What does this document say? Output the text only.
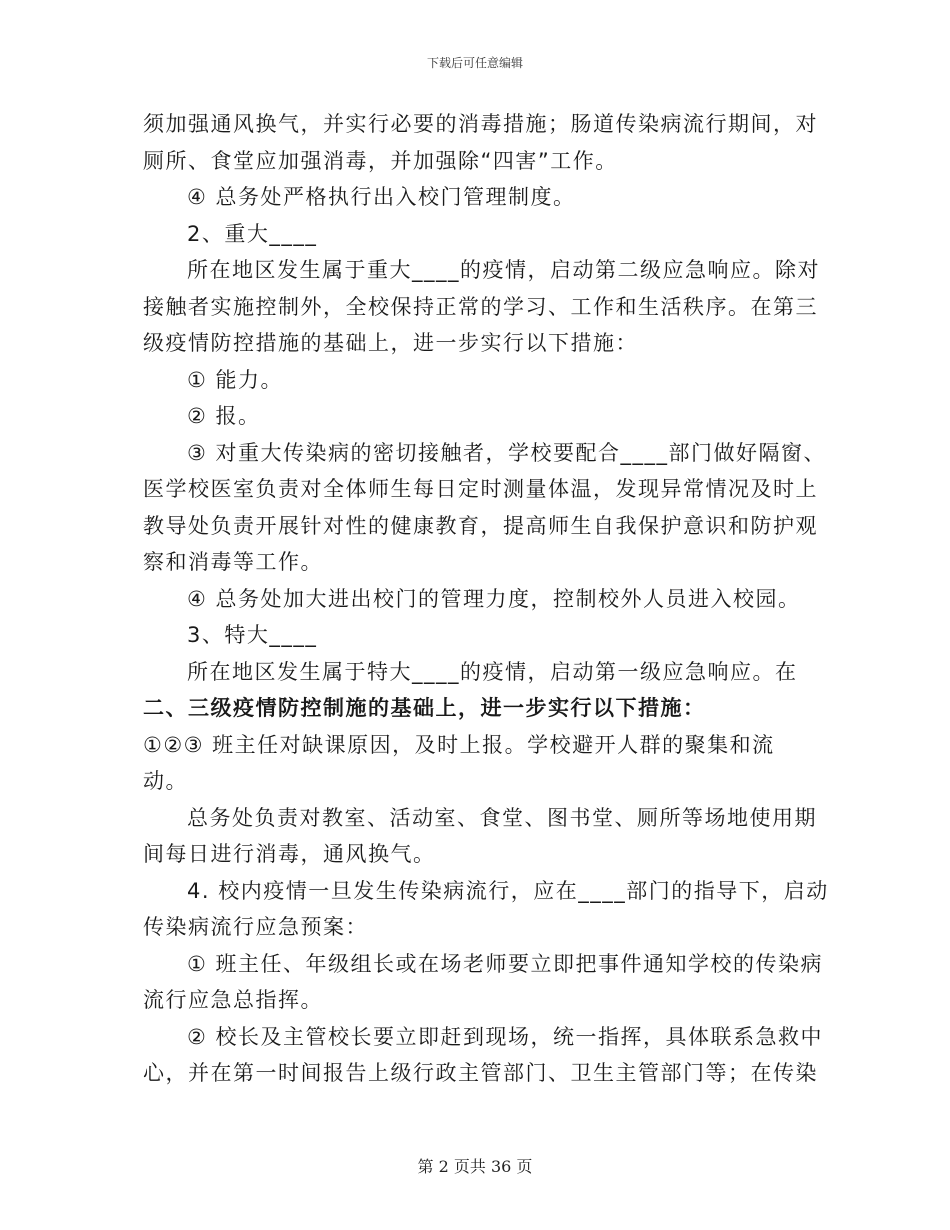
下载后可任意编辑

须加强通风换气，并实行必要的消毒措施；肠道传染病流行期间，对

厕所、食堂应加强消毒，并加强除“四害”工作。

④ 总务处严格执行出入校门管理制度。

2、重大____

所在地区发生属于重大____的疫情，启动第二级应急响应。除对

接触者实施控制外，全校保持正常的学习、工作和生活秩序。在第三

级疫情防控措施的基础上，进一步实行以下措施：

① 能力。

② 报。

③ 对重大传染病的密切接触者，学校要配合____部门做好隔窗、

医学校医室负责对全体师生每日定时测量体温，发现异常情况及时上

教导处负责开展针对性的健康教育，提高师生自我保护意识和防护观

察和消毒等工作。

④ 总务处加大进出校门的管理力度，控制校外人员进入校园。

3、特大____

所在地区发生属于特大____的疫情，启动第一级应急响应。在

二、三级疫情防控制施的基础上，进一步实行以下措施：

①②③ 班主任对缺课原因，及时上报。学校避开人群的聚集和流

动。

总务处负责对教室、活动室、食堂、图书堂、厕所等场地使用期

间每日进行消毒，通风换气。

4. 校内疫情一旦发生传染病流行，应在____部门的指导下，启动

传染病流行应急预案：

① 班主任、年级组长或在场老师要立即把事件通知学校的传染病

流行应急总指挥。

② 校长及主管校长要立即赶到现场，统一指挥，具体联系急救中

心，并在第一时间报告上级行政主管部门、卫生主管部门等；在传染

第 2 页共 36 页
